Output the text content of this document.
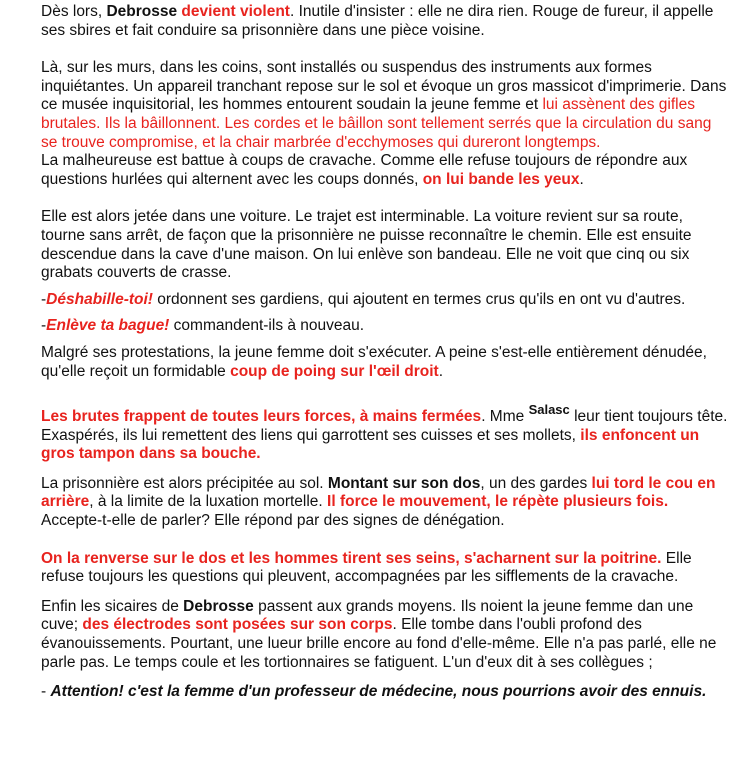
Dès lors, Debrosse devient violent. Inutile d'insister : elle ne dira rien. Rouge de fureur, il appelle ses sbires et fait conduire sa prisonnière dans une pièce voisine.

Là, sur les murs, dans les coins, sont installés ou suspendus des instruments aux formes inquiétantes. Un appareil tranchant repose sur le sol et évoque un gros massicot d'imprimerie. Dans ce musée inquisitorial, les hommes entourent soudain la jeune femme et lui assènent des gifles brutales. Ils la bâillonnent. Les cordes et le bâillon sont tellement serrés que la circulation du sang se trouve compromise, et la chair marbrée d'ecchymoses qui dureront longtemps.
La malheureuse est battue à coups de cravache. Comme elle refuse toujours de répondre aux questions hurlées qui alternent avec les coups donnés, on lui bande les yeux.

Elle est alors jetée dans une voiture. Le trajet est interminable. La voiture revient sur sa route, tourne sans arrêt, de façon que la prisonnière ne puisse reconnaître le chemin. Elle est ensuite descendue dans la cave d'une maison. On lui enlève son bandeau. Elle ne voit que cinq ou six grabats couverts de crasse.

-Déshabille-toi! ordonnent ses gardiens, qui ajoutent en termes crus qu'ils en ont vu d'autres.

-Enlève ta bague! commandent-ils à nouveau.

Malgré ses protestations, la jeune femme doit s'exécuter. A peine s'est-elle entièrement dénudée, qu'elle reçoit un formidable coup de poing sur l'œil droit.

Les brutes frappent de toutes leurs forces, à mains fermées. Mme $^{Salasc}$ leur tient toujours tête. Exaspérés, ils lui remettent des liens qui garrottent ses cuisses et ses mollets, ils enfoncent un gros tampon dans sa bouche.

La prisonnière est alors précipitée au sol. Montant sur son dos, un des gardes lui tord le cou en arrière, à la limite de la luxation mortelle. Il force le mouvement, le répète plusieurs fois. Accepte-t-elle de parler? Elle répond par des signes de dénégation.

On la renverse sur le dos et les hommes tirent ses seins, s'acharnent sur la poitrine. Elle refuse toujours les questions qui pleuvent, accompagnées par les sifflements de la cravache.

Enfin les sicaires de Debrosse passent aux grands moyens. Ils noient la jeune femme dan une cuve; des électrodes sont posées sur son corps. Elle tombe dans l'oubli profond des évanouissements. Pourtant, une lueur brille encore au fond d'elle-même. Elle n'a pas parlé, elle ne parle pas. Le temps coule et les tortionnaires se fatiguent. L'un d'eux dit à ses collègues ;

- Attention! c'est la femme d'un professeur de médecine, nous pourrions avoir des ennuis.
